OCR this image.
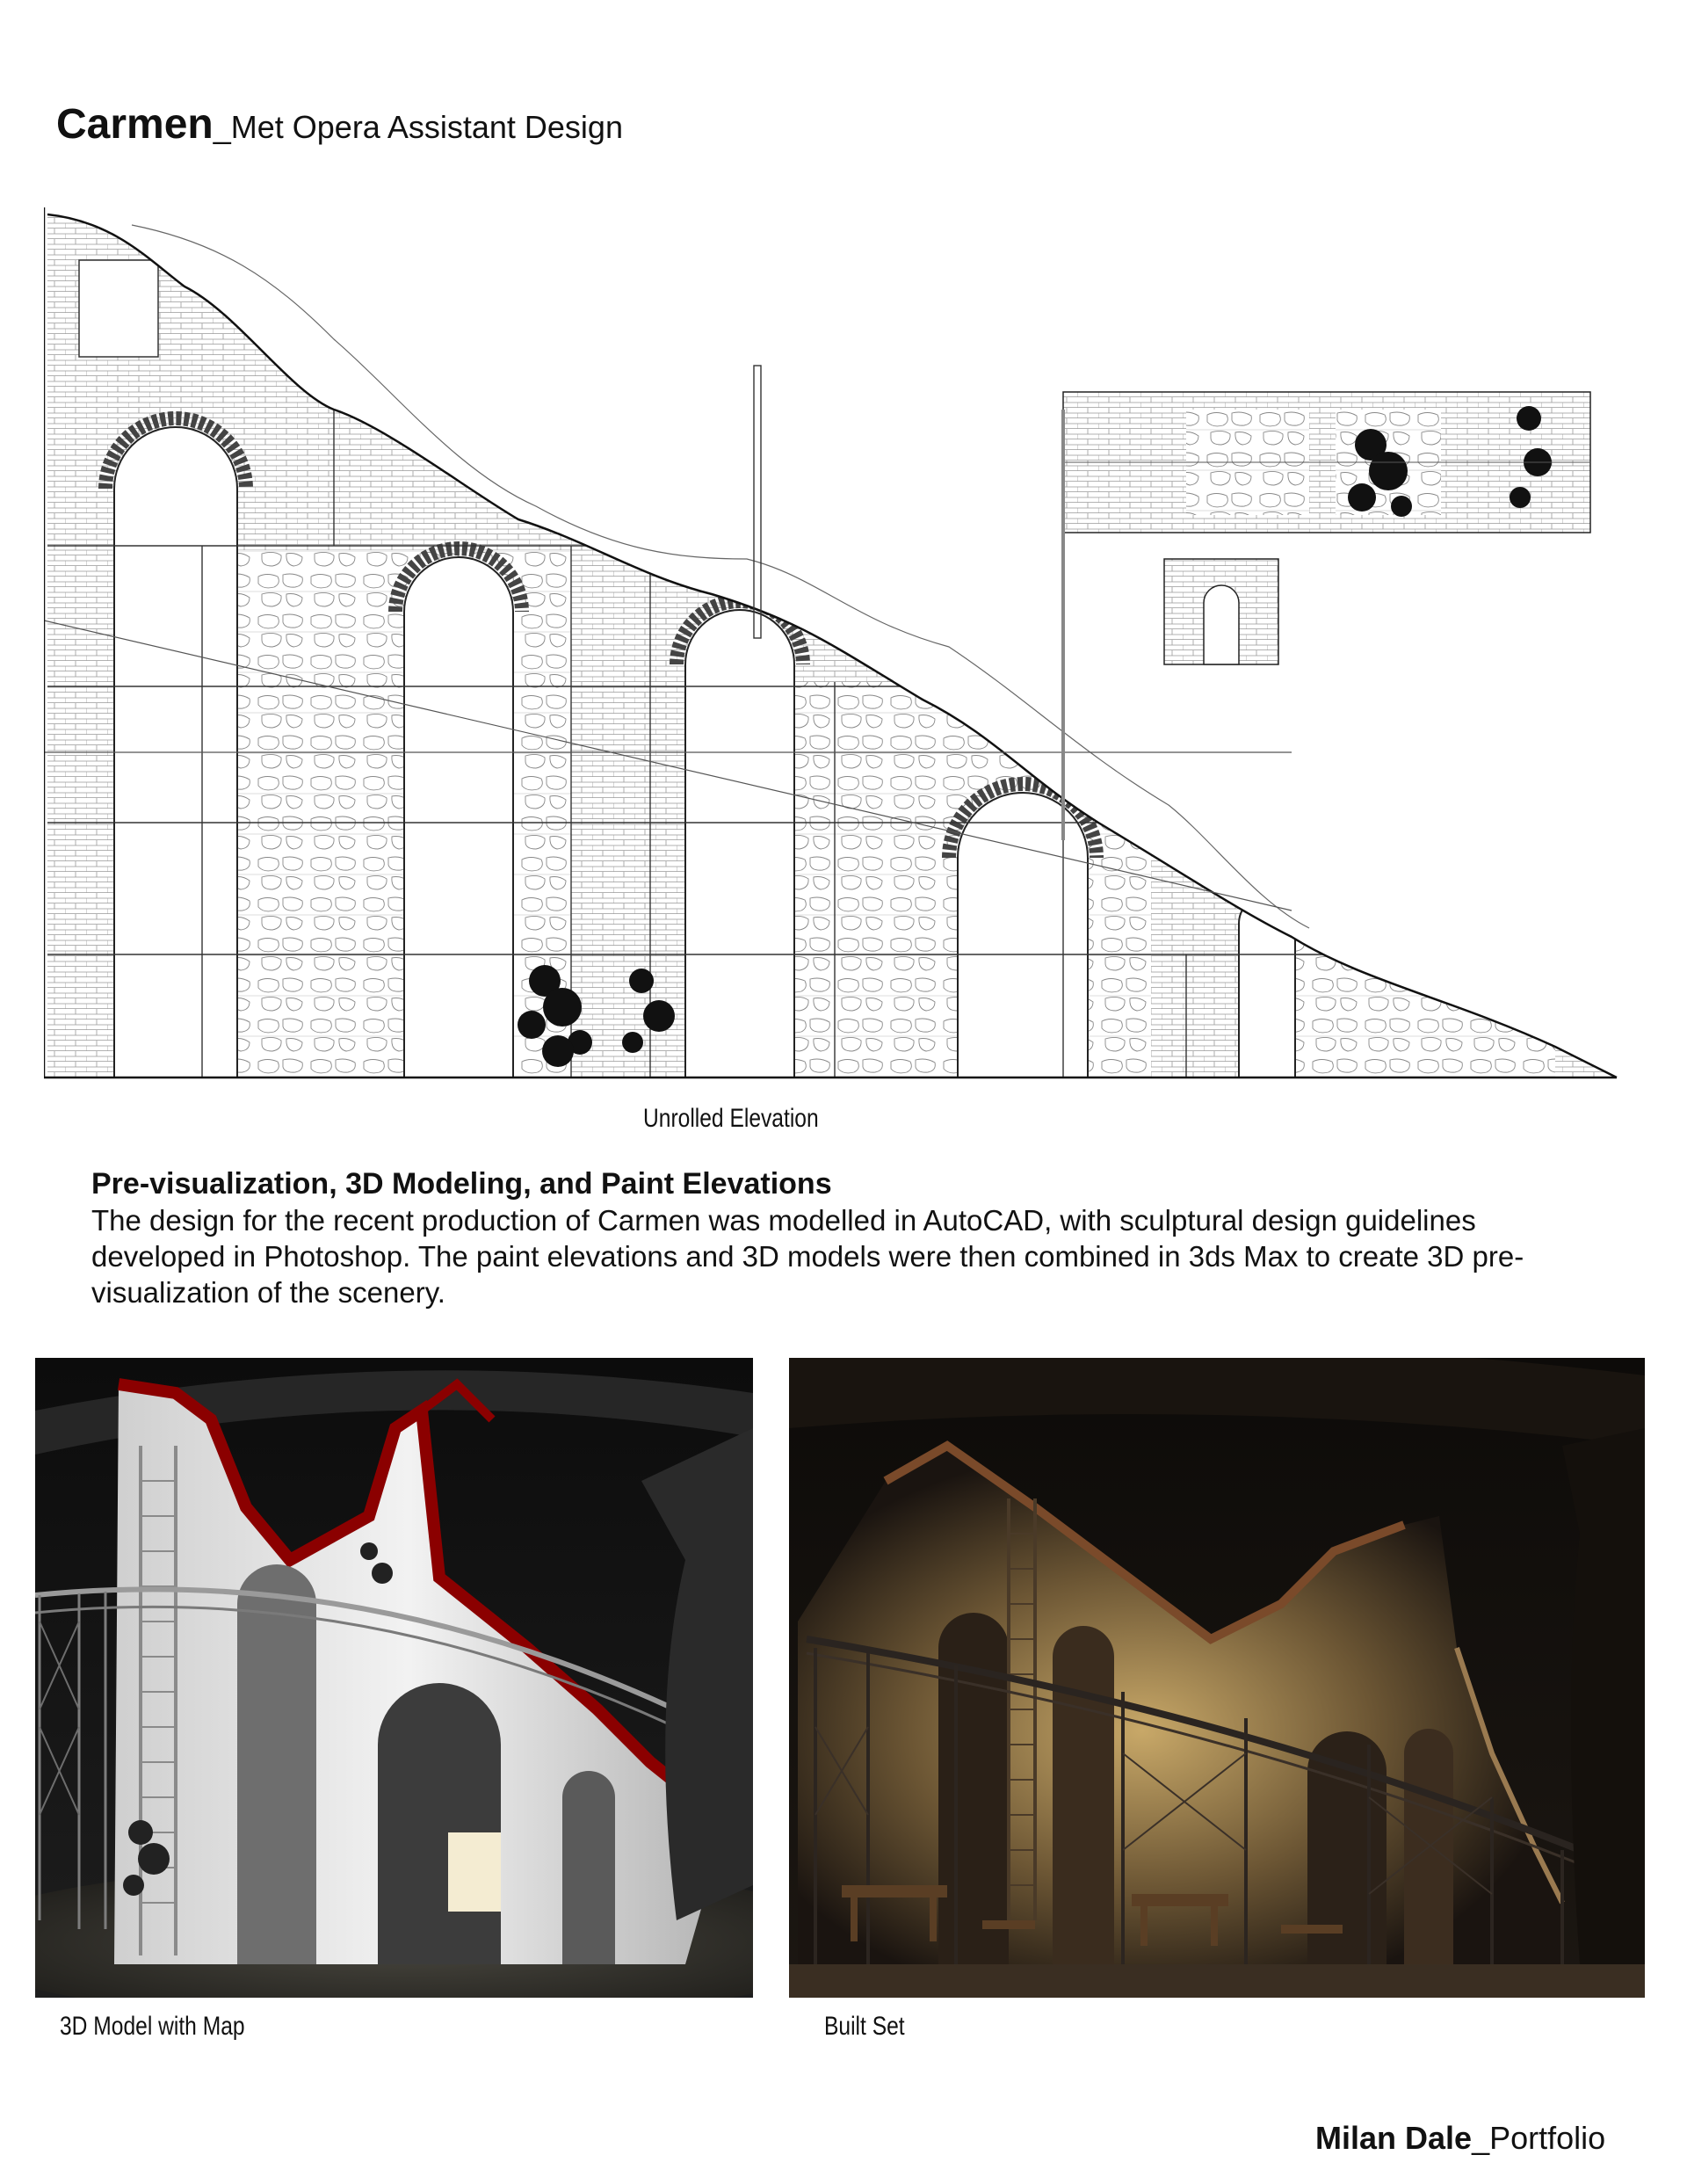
Carmen_Met Opera Assistant Design
Unrolled Elevation
Pre-visualization, 3D Modeling, and Paint Elevations
The design for the recent production of Carmen was modelled in AutoCAD, with sculptural design guidelines developed in Photoshop. The paint elevations and 3D models were then combined in 3ds Max to create 3D pre-visualization of the scenery.
3D Model with Map	Built Set
Milan Dale_Portfolio
